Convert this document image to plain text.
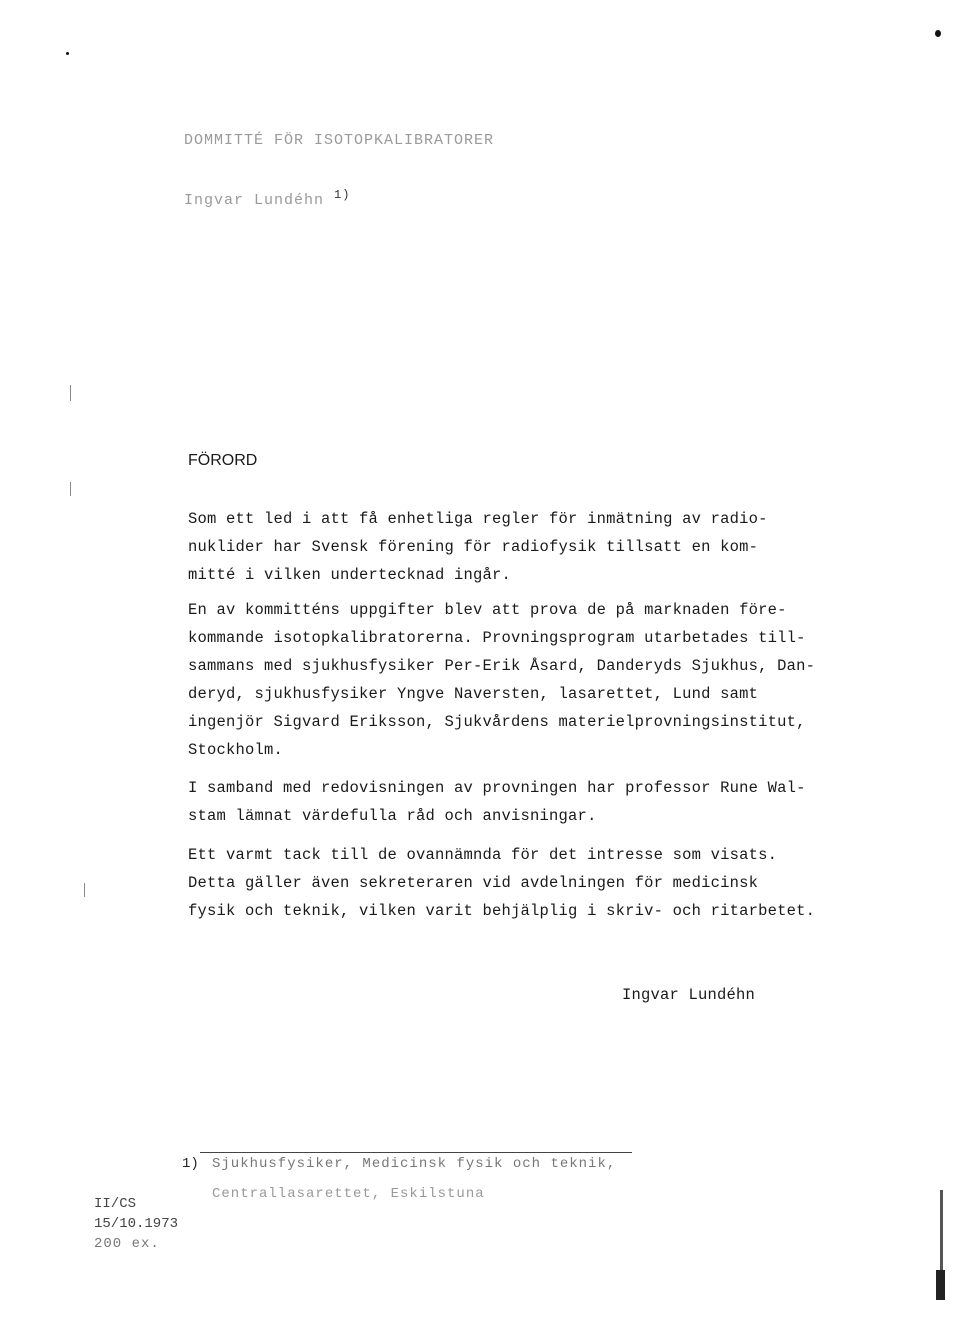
DOMMITTÉ FÖR ISOTOPKALIBRATORER
Ingvar Lundéhn $^{1)}$
FÖRORD
Som ett led i att få enhetliga regler för inmätning av radio-
nuklider har Svensk förening för radiofysik tillsatt en kom-
mitté i vilken undertecknad ingår.
En av kommitténs uppgifter blev att prova de på marknaden före-
kommande isotopkalibratorerna. Provningsprogram utarbetades till-
sammans med sjukhusfysiker Per-Erik Åsard, Danderyds Sjukhus, Dan-
deryd, sjukhusfysiker Yngve Naversten, lasarettet, Lund samt
ingenjör Sigvard Eriksson, Sjukvårdens materielprovningsinstitut,
Stockholm.
I samband med redovisningen av provningen har professor Rune Wal-
stam lämnat värdefulla råd och anvisningar.
Ett varmt tack till de ovannämnda för det intresse som visats.
Detta gäller även sekreteraren vid avdelningen för medicinsk
fysik och teknik, vilken varit behjälplig i skriv- och ritarbetet.
Ingvar Lundéhn
1) Sjukhusfysiker, Medicinsk fysik och teknik,
Centrallasarettet, Eskilstuna
II/CS
15/10.1973
200 ex.
